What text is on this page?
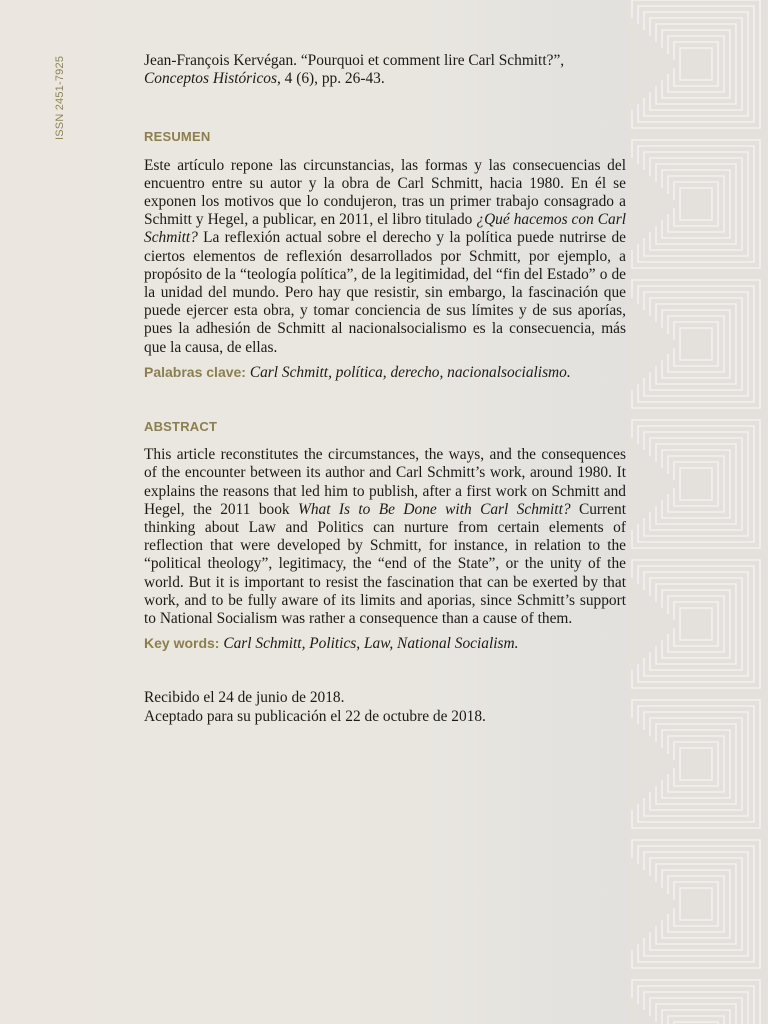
ISSN 2451-7925	Jean-François Kervégan. “Pourquoi et comment lire Carl Schmitt?”,
Conceptos Históricos, 4 (6), pp. 26-43.

RESUMEN

Este artículo repone las circunstancias, las formas y las consecuencias del encuentro entre su autor y la obra de Carl Schmitt, hacia 1980. En él se exponen los motivos que lo condujeron, tras un primer trabajo consagrado a Schmitt y Hegel, a publicar, en 2011, el libro titulado ¿Qué hacemos con Carl Schmitt? La reflexión actual sobre el derecho y la política puede nutrirse de ciertos elementos de reflexión desarrollados por Schmitt, por ejemplo, a propósito de la “teología política”, de la legitimidad, del “fin del Estado” o de la unidad del mundo. Pero hay que resistir, sin embargo, la fascinación que puede ejercer esta obra, y tomar conciencia de sus límites y de sus aporías, pues la adhesión de Schmitt al nacionalsocialismo es la consecuencia, más que la causa, de ellas.

Palabras clave: Carl Schmitt, política, derecho, nacionalsocialismo.

ABSTRACT

This article reconstitutes the circumstances, the ways, and the consequences of the encounter between its author and Carl Schmitt’s work, around 1980. It explains the reasons that led him to publish, after a first work on Schmitt and Hegel, the 2011 book What Is to Be Done with Carl Schmitt? Current thinking about Law and Politics can nurture from certain elements of reflection that were developed by Schmitt, for instance, in relation to the “political theology”, legitimacy, the “end of the State”, or the unity of the world. But it is important to resist the fascination that can be exerted by that work, and to be fully aware of its limits and aporias, since Schmitt’s support to National Socialism was rather a consequence than a cause of them.

Key words: Carl Schmitt, Politics, Law, National Socialism.

Recibido el 24 de junio de 2018.
Aceptado para su publicación el 22 de octubre de 2018.
